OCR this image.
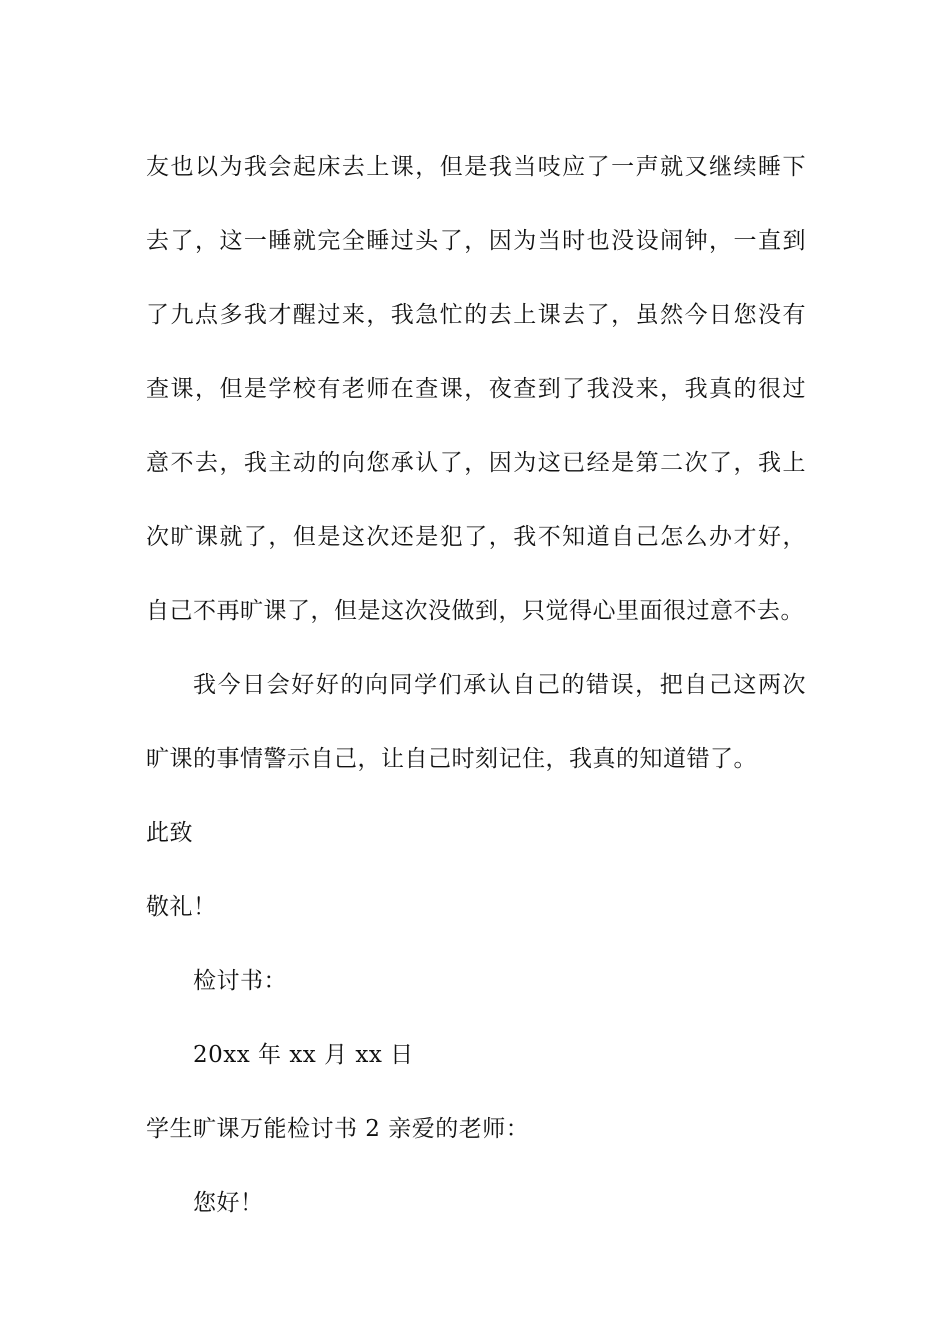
友也以为我会起床去上课，但是我当吱应了一声就又继续睡下
去了，这一睡就完全睡过头了，因为当时也没设闹钟，一直到
了九点多我才醒过来，我急忙的去上课去了，虽然今日您没有
查课，但是学校有老师在查课，夜查到了我没来，我真的很过
意不去，我主动的向您承认了，因为这已经是第二次了，我上
次旷课就了，但是这次还是犯了，我不知道自己怎么办才好，
自己不再旷课了，但是这次没做到，只觉得心里面很过意不去。
我今日会好好的向同学们承认自己的错误，把自己这两次
旷课的事情警示自己，让自己时刻记住，我真的知道错了。
此致
敬礼！
检讨书：
20xx 年 xx 月 xx 日
学生旷课万能检讨书 2 亲爱的老师：
您好！
